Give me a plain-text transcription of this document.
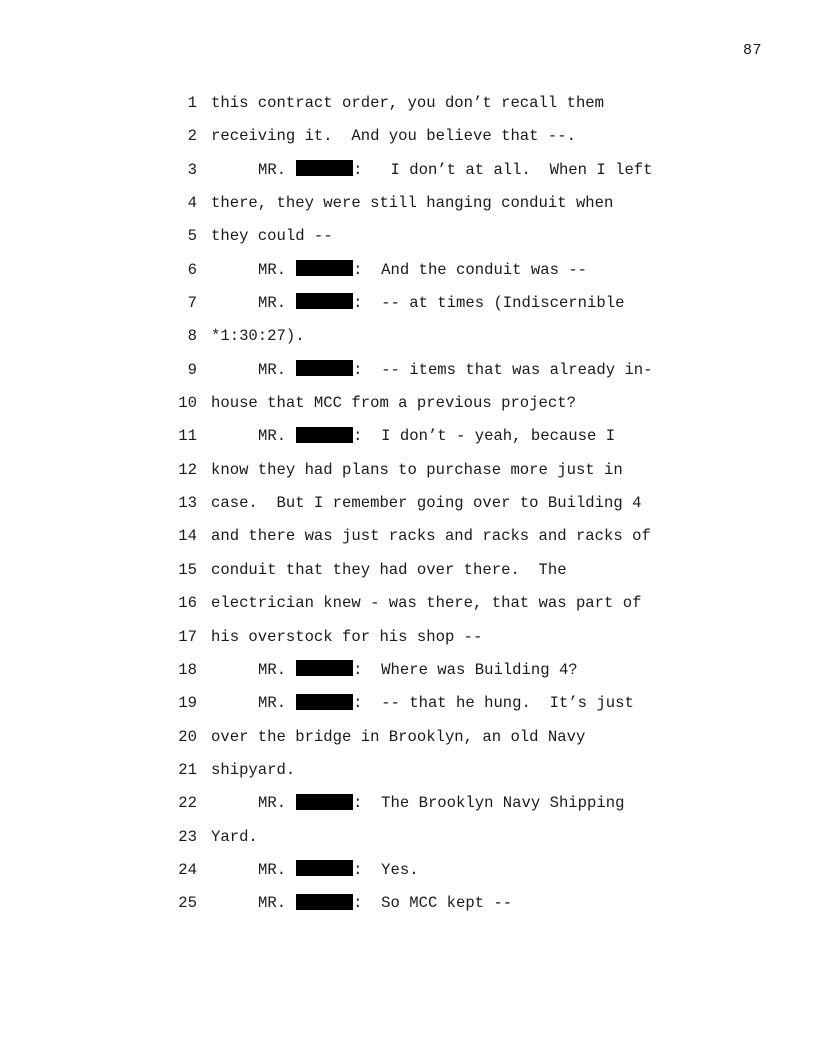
87
1 this contract order, you don’t recall them
2 receiving it.  And you believe that --.
3	MR.	:   I don’t at all.  When I left
4 there, they were still hanging conduit when
5 they could --
6	MR.	:  And the conduit was --
7	MR.	:  -- at times (Indiscernible
8 *1:30:27).
9	MR.	:  -- items that was already in-
10 house that MCC from a previous project?
11	MR.	:  I don’t - yeah, because I
12 know they had plans to purchase more just in
13 case.  But I remember going over to Building 4
14 and there was just racks and racks and racks of
15 conduit that they had over there.  The
16 electrician knew - was there, that was part of
17 his overstock for his shop --
18	MR.	:  Where was Building 4?
19	MR.	:  -- that he hung.  It’s just
20 over the bridge in Brooklyn, an old Navy
21 shipyard.
22	MR.	:  The Brooklyn Navy Shipping
23 Yard.
24	MR.	:  Yes.
25	MR.	:  So MCC kept --
